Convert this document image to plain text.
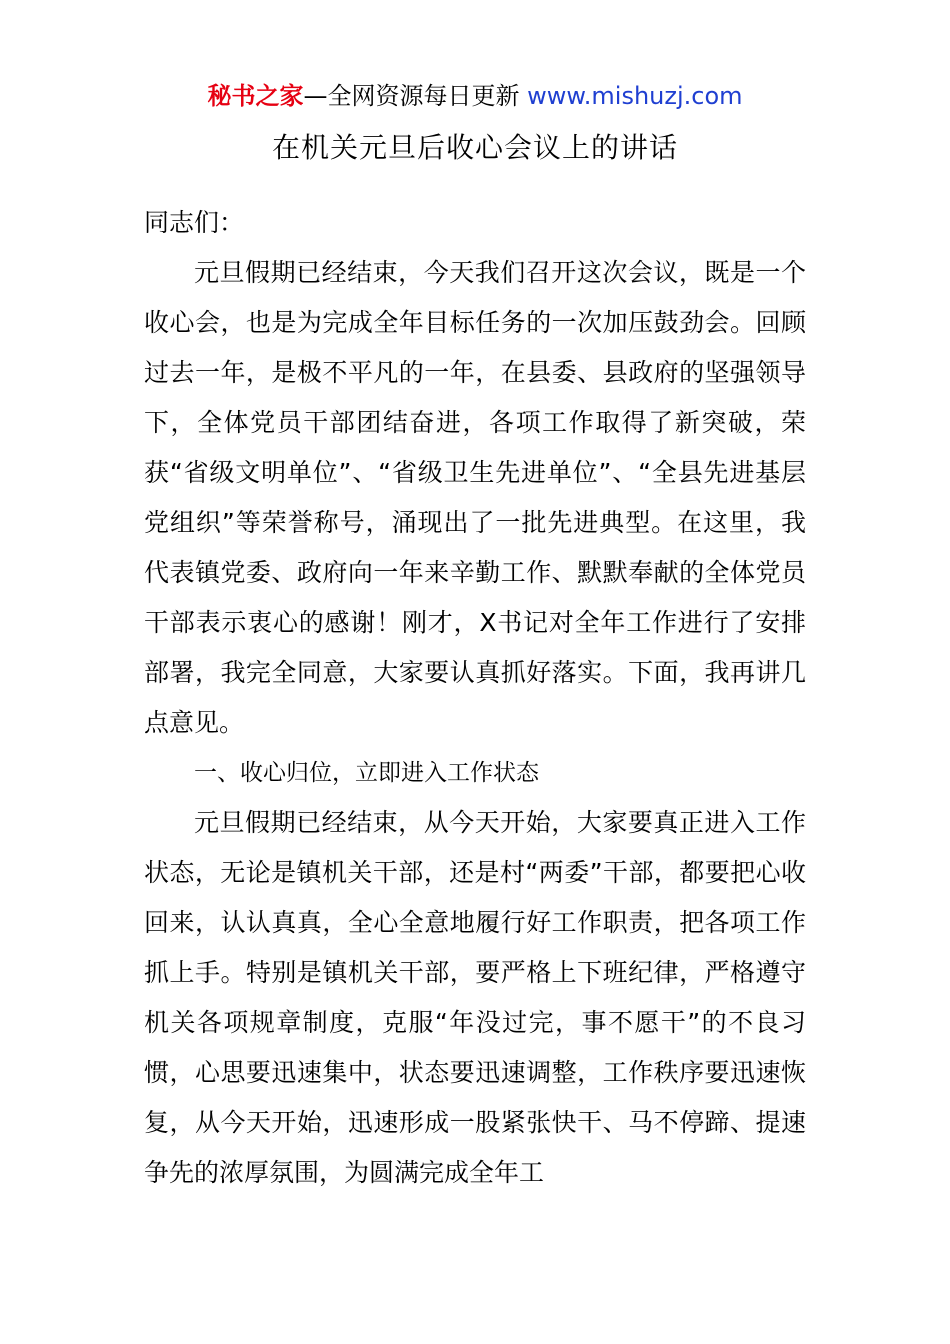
秘书之家—全网资源每日更新 www.mishuzj.com
在机关元旦后收心会议上的讲话

同志们：

元旦假期已经结束，今天我们召开这次会议，既是一个收心会，也是为完成全年目标任务的一次加压鼓劲会。回顾过去一年，是极不平凡的一年，在县委、县政府的坚强领导下，全体党员干部团结奋进，各项工作取得了新突破，荣获“省级文明单位”、“省级卫生先进单位”、“全县先进基层党组织”等荣誉称号，涌现出了一批先进典型。在这里，我代表镇党委、政府向一年来辛勤工作、默默奉献的全体党员干部表示衷心的感谢！刚才，X书记对全年工作进行了安排部署，我完全同意，大家要认真抓好落实。下面，我再讲几点意见。

一、收心归位，立即进入工作状态

元旦假期已经结束，从今天开始，大家要真正进入工作状态，无论是镇机关干部，还是村“两委”干部，都要把心收回来，认认真真，全心全意地履行好工作职责，把各项工作抓上手。特别是镇机关干部，要严格上下班纪律，严格遵守机关各项规章制度，克服“年没过完，事不愿干”的不良习惯，心思要迅速集中，状态要迅速调整，工作秩序要迅速恢复，从今天开始，迅速形成一股紧张快干、马不停蹄、提速争先的浓厚氛围，为圆满完成全年工
